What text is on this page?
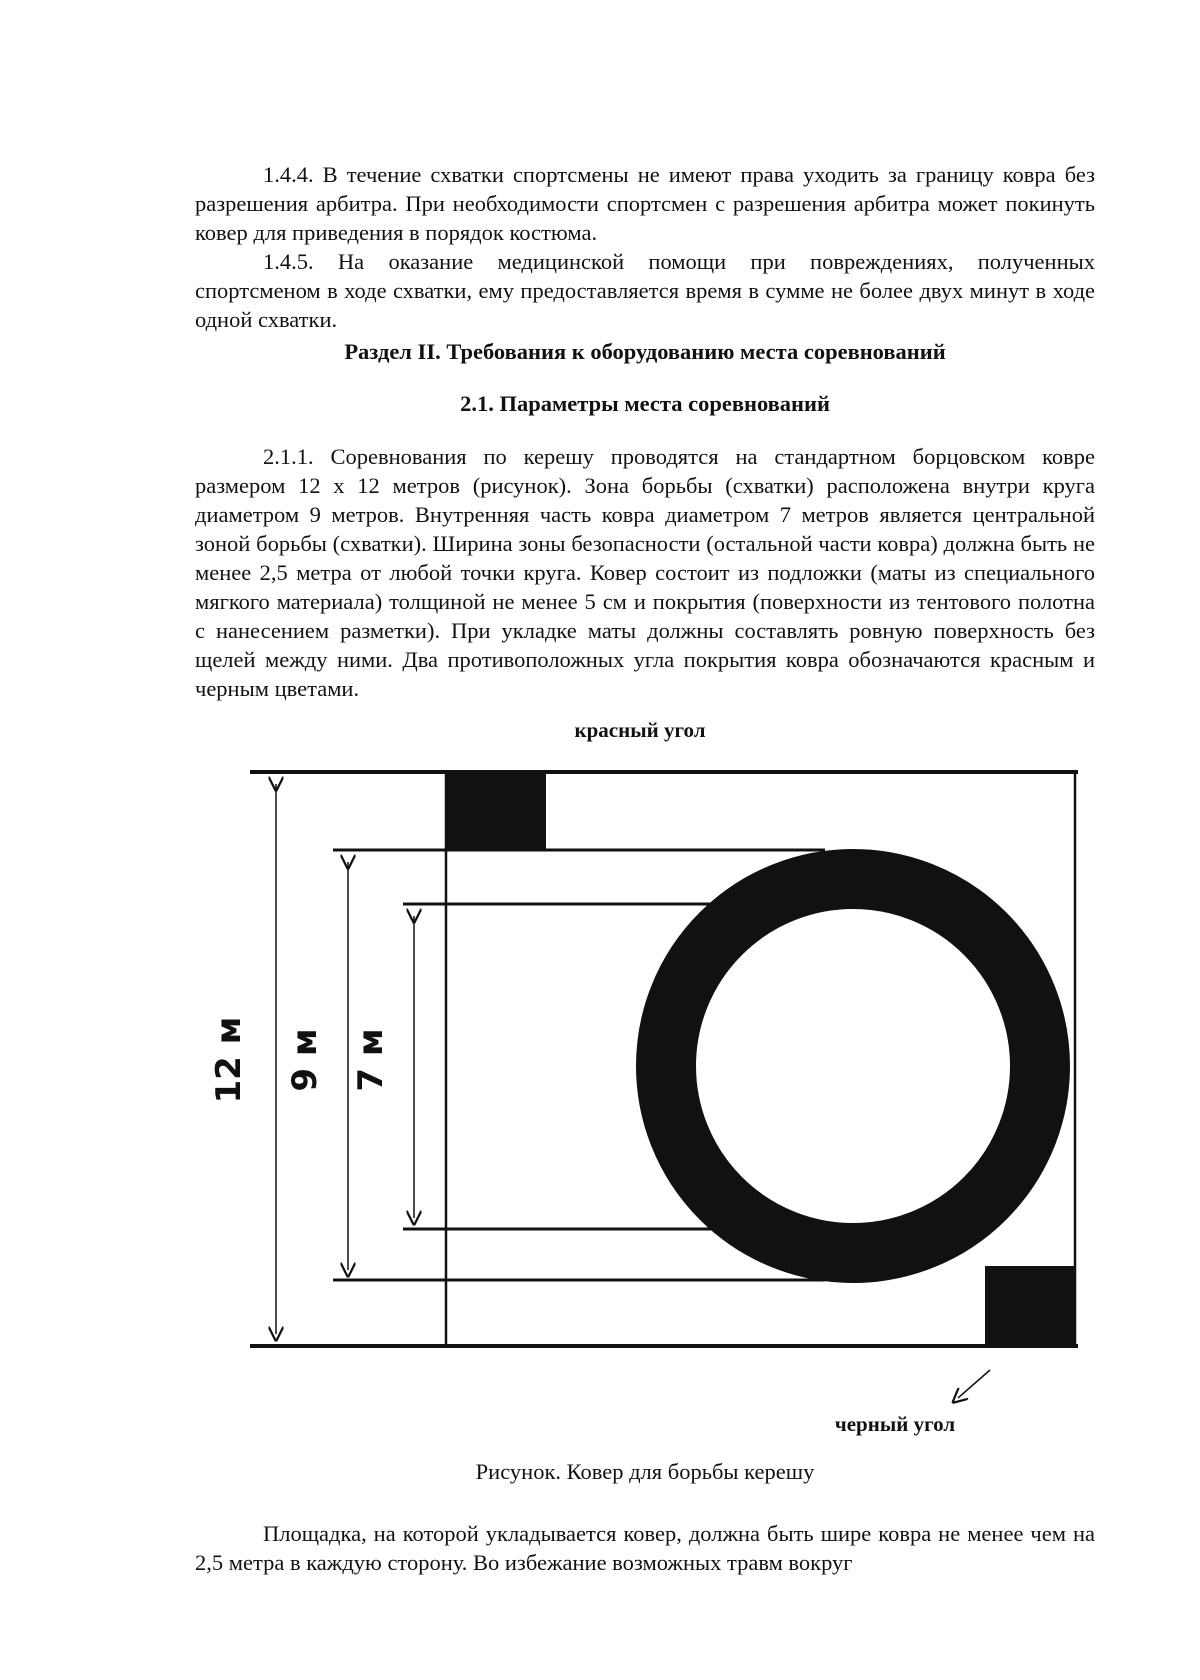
1.4.4. В течение схватки спортсмены не имеют права уходить за границу ковра без разрешения арбитра. При необходимости спортсмен с разрешения арбитра может покинуть ковер для приведения в порядок костюма.

1.4.5. На оказание медицинской помощи при повреждениях, полученных спортсменом в ходе схватки, ему предоставляется время в сумме не более двух минут в ходе одной схватки.

Раздел II. Требования к оборудованию места соревнований

2.1. Параметры места соревнований

2.1.1. Соревнования по керешу проводятся на стандартном борцовском ковре размером 12 х 12 метров (рисунок). Зона борьбы (схватки) расположена внутри круга диаметром 9 метров. Внутренняя часть ковра диаметром 7 метров является центральной зоной борьбы (схватки). Ширина зоны безопасности (остальной части ковра) должна быть не менее 2,5 метра от любой точки круга. Ковер состоит из подложки (маты из специального мягкого материала) толщиной не менее 5 см и покрытия (поверхности из тентового полотна с нанесением разметки). При укладке маты должны составлять ровную поверхность без щелей между ними. Два противоположных угла покрытия ковра обозначаются красным и черным цветами.

красный угол

12 м 9 м 7 м

черный угол

Рисунок. Ковер для борьбы керешу

Площадка, на которой укладывается ковер, должна быть шире ковра не менее чем на 2,5 метра в каждую сторону. Во избежание возможных травм вокруг
